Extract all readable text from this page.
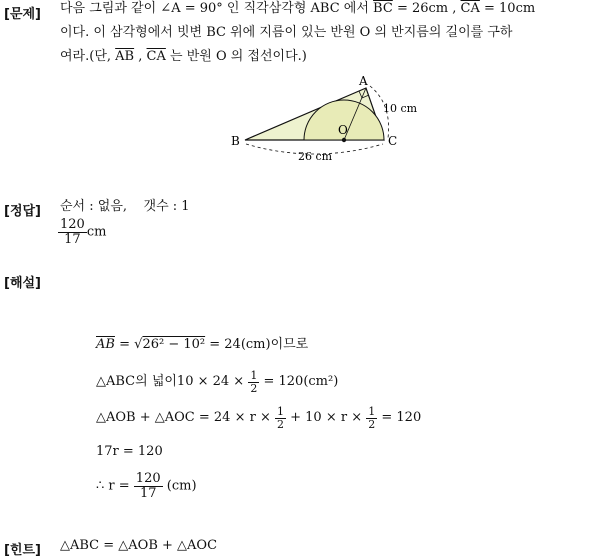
[문제] 다음 그림과 같이 ∠A = 90° 인 직각삼각형 ABC 에서 $\overline{BC} = 26cm$ , $\overline{CA} = 10cm$
이다. 이 삼각형에서 빗변 BC 위에 지름이 있는 반원 O 의 반지름의 길이를 구하
여라.(단, $\overline{AB}$ , $\overline{CA}$ 는 반원 O 의 접선이다.)
A
B	C
O
10 cm
26 cm
[정답] 순서 : 없음,    갯수 : 1
$\frac{120}{17}$ cm
[해설]
$\overline{AB} = √26^2 - 10^2 = 24(cm)$이므로
△ABC의 넓이$10 \times 24 \times \frac{1}{2} = 120(cm^2)$
△AOB + △AOC = $24 \times r \times \frac{1}{2} + 10 \times r \times \frac{1}{2} = 120$
17r = 120
∴ $r = \frac{120}{17} (cm)$
[힌트] △ABC = △AOB + △AOC
